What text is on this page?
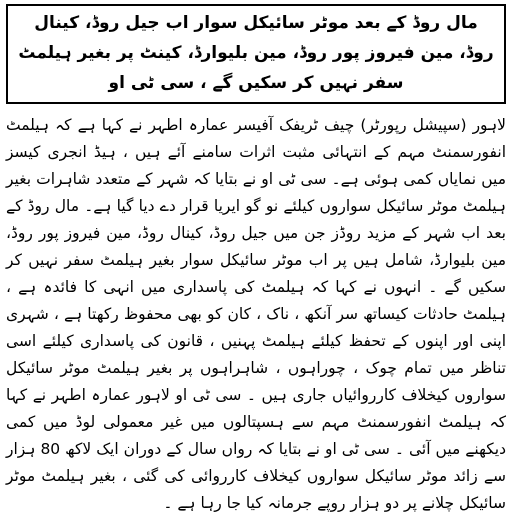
مال روڈ کے بعد موٹر سائیکل سوار اب جیل روڈ، کینال روڈ، مین فیروز پور روڈ، مین بلیوارڈ، کینٹ پر بغیر ہیلمٹ سفر نہیں کر سکیں گے ، سی ٹی او
لاہور (سپیشل رپورٹر) چیف ٹریفک آفیسر عمارہ اطہر نے کہا ہے کہ ہیلمٹ انفورسمنٹ مہم کے انتہائی مثبت اثرات سامنے آئے ہیں ، ہیڈ انجری کیسز میں نمایاں کمی ہوئی ہے۔ سی ٹی او نے بتایا کہ شہر کے متعدد شاہرات بغیر ہیلمٹ موٹر سائیکل سواروں کیلئے نو گو ایریا قرار دے دیا گیا ہے۔ مال روڈ کے بعد اب شہر کے مزید روڈز جن میں جیل روڈ، کینال روڈ، مین فیروز پور روڈ، مین بلیوارڈ، شامل ہیں پر اب موٹر سائیکل سوار بغیر ہیلمٹ سفر نہیں کر سکیں گے ۔ انہوں نے کہا کہ ہیلمٹ کی پاسداری میں انہی کا فائدہ ہے ، ہیلمٹ حادثات کیساتھ سر آنکھ ، ناک ، کان کو بھی محفوظ رکھتا ہے ، شہری اپنی اور اپنوں کے تحفظ کیلئے ہیلمٹ پہنیں ، قانون کی پاسداری کیلئے اسی تناظر میں تمام چوک ، چوراہوں ، شاہراہوں پر بغیر ہیلمٹ موٹر سائیکل سواروں کیخلاف کارروائیاں جاری ہیں ۔ سی ٹی او لاہور عمارہ اطہر نے کہا کہ ہیلمٹ انفورسمنٹ مہم سے ہسپتالوں میں غیر معمولی لوڈ میں کمی دیکھنے میں آئی ۔ سی ٹی او نے بتایا کہ رواں سال کے دوران ایک لاکھ 80 ہزار سے زائد موٹر سائیکل سواروں کیخلاف کارروائی کی گئی ، بغیر ہیلمٹ موٹر سائیکل چلانے پر دو ہزار روپے جرمانہ کیا جا رہا ہے ۔
